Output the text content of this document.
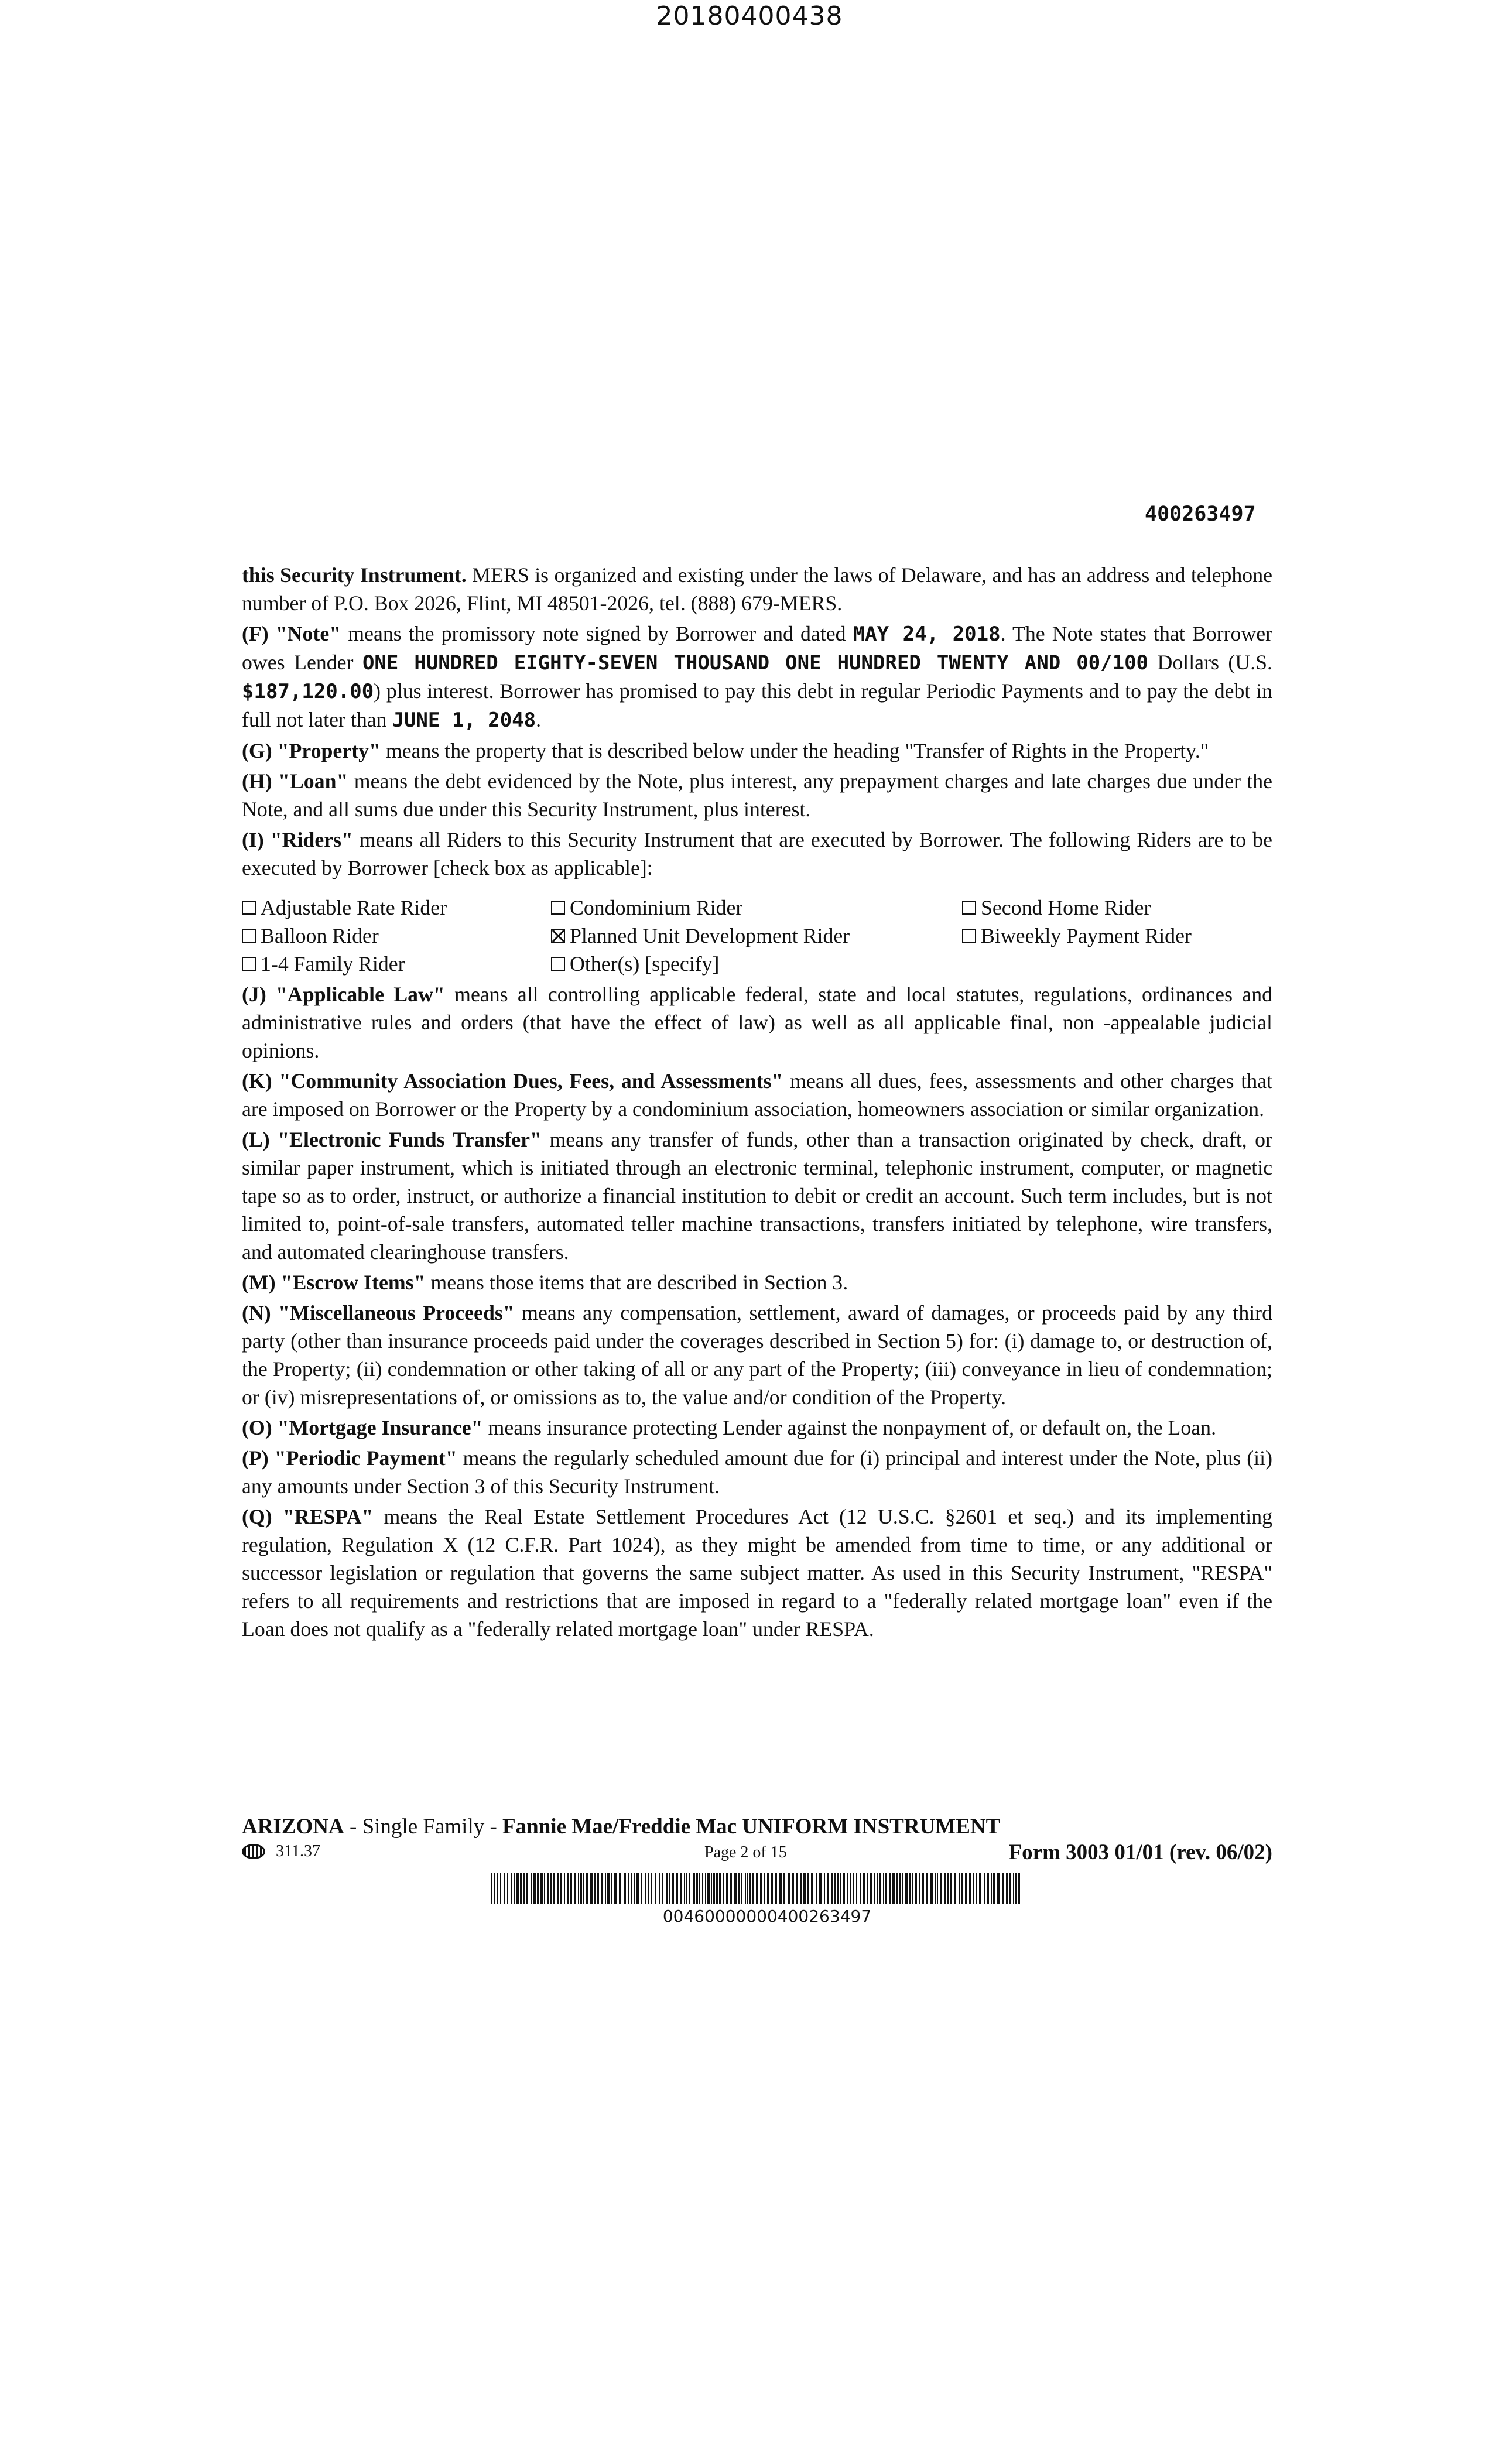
20180400438
400263497

this Security Instrument. MERS is organized and existing under the laws of Delaware, and has an address and telephone number of P.O. Box 2026, Flint, MI 48501-2026, tel. (888) 679-MERS.

(F) "Note" means the promissory note signed by Borrower and dated MAY 24, 2018. The Note states that Borrower owes Lender ONE HUNDRED EIGHTY-SEVEN THOUSAND ONE HUNDRED TWENTY AND 00/100 Dollars (U.S. $187,120.00) plus interest. Borrower has promised to pay this debt in regular Periodic Payments and to pay the debt in full not later than JUNE 1, 2048.

(G) "Property" means the property that is described below under the heading "Transfer of Rights in the Property."

(H) "Loan" means the debt evidenced by the Note, plus interest, any prepayment charges and late charges due under the Note, and all sums due under this Security Instrument, plus interest.

(I) "Riders" means all Riders to this Security Instrument that are executed by Borrower. The following Riders are to be executed by Borrower [check box as applicable]:

Adjustable Rate Rider	Condominium Rider	Second Home Rider
Balloon Rider	Planned Unit Development Rider	Biweekly Payment Rider
1-4 Family Rider	Other(s) [specify]

(J) "Applicable Law" means all controlling applicable federal, state and local statutes, regulations, ordinances and administrative rules and orders (that have the effect of law) as well as all applicable final, non -appealable judicial opinions.

(K) "Community Association Dues, Fees, and Assessments" means all dues, fees, assessments and other charges that are imposed on Borrower or the Property by a condominium association, homeowners association or similar organization.

(L) "Electronic Funds Transfer" means any transfer of funds, other than a transaction originated by check, draft, or similar paper instrument, which is initiated through an electronic terminal, telephonic instrument, computer, or magnetic tape so as to order, instruct, or authorize a financial institution to debit or credit an account. Such term includes, but is not limited to, point-of-sale transfers, automated teller machine transactions, transfers initiated by telephone, wire transfers, and automated clearinghouse transfers.

(M) "Escrow Items" means those items that are described in Section 3.

(N) "Miscellaneous Proceeds" means any compensation, settlement, award of damages, or proceeds paid by any third party (other than insurance proceeds paid under the coverages described in Section 5) for: (i) damage to, or destruction of, the Property; (ii) condemnation or other taking of all or any part of the Property; (iii) conveyance in lieu of condemnation; or (iv) misrepresentations of, or omissions as to, the value and/or condition of the Property.

(O) "Mortgage Insurance" means insurance protecting Lender against the nonpayment of, or default on, the Loan.

(P) "Periodic Payment" means the regularly scheduled amount due for (i) principal and interest under the Note, plus (ii) any amounts under Section 3 of this Security Instrument.

(Q) "RESPA" means the Real Estate Settlement Procedures Act (12 U.S.C. §2601 et seq.) and its implementing regulation, Regulation X (12 C.F.R. Part 1024), as they might be amended from time to time, or any additional or successor legislation or regulation that governs the same subject matter. As used in this Security Instrument, "RESPA" refers to all requirements and restrictions that are imposed in regard to a "federally related mortgage loan" even if the Loan does not qualify as a "federally related mortgage loan" under RESPA.

ARIZONA - Single Family - Fannie Mae/Freddie Mac UNIFORM INSTRUMENT
311.37	Page 2 of 15	Form 3003 01/01 (rev. 06/02)
00460000000400263497
